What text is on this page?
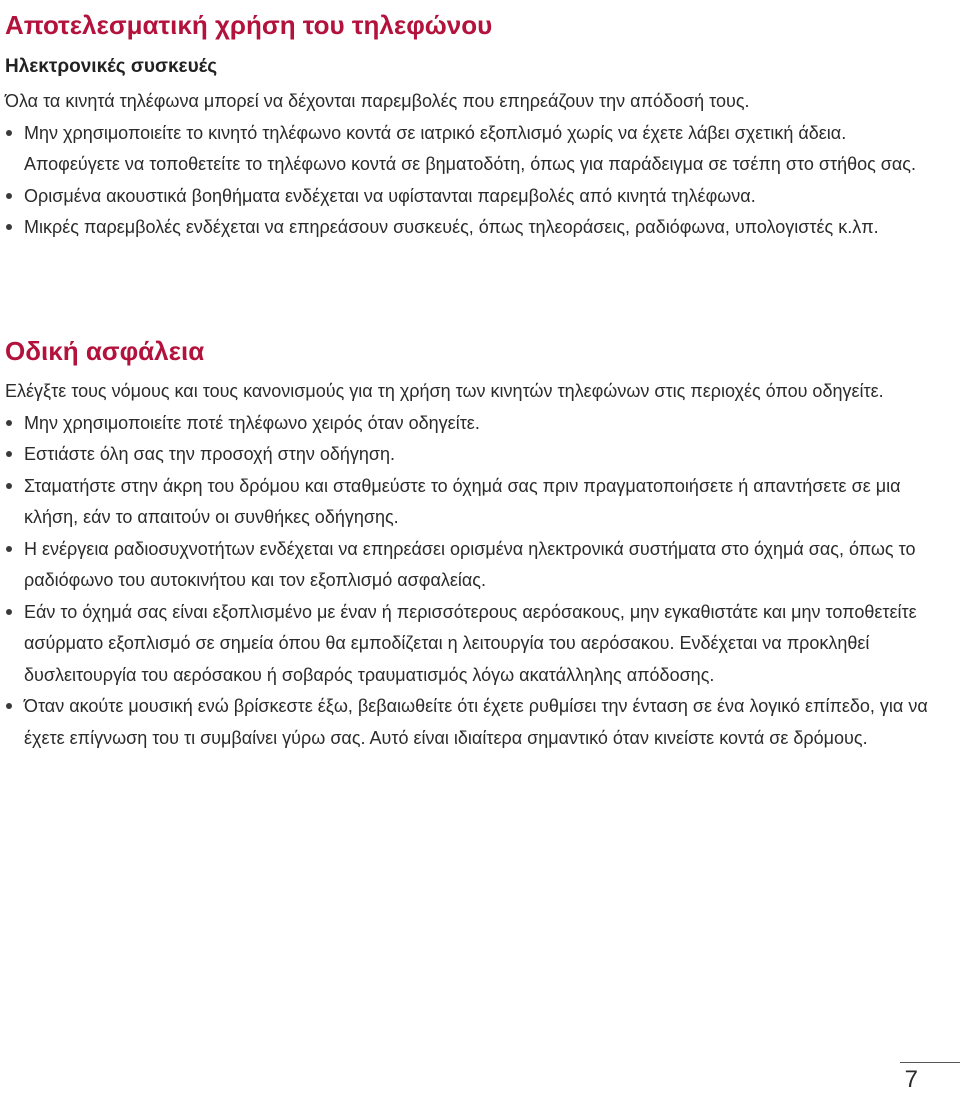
Αποτελεσματική χρήση του τηλεφώνου
Ηλεκτρονικές συσκευές

Όλα τα κινητά τηλέφωνα μπορεί να δέχονται παρεμβολές που επηρεάζουν την απόδοσή τους.

Μην χρησιμοποιείτε το κινητό τηλέφωνο κοντά σε ιατρικό εξοπλισμό χωρίς να έχετε λάβει σχετική άδεια. Αποφεύγετε να τοποθετείτε το τηλέφωνο κοντά σε βηματοδότη, όπως για παράδειγμα σε τσέπη στο στήθος σας.
Ορισμένα ακουστικά βοηθήματα ενδέχεται να υφίστανται παρεμβολές από κινητά τηλέφωνα.
Μικρές παρεμβολές ενδέχεται να επηρεάσουν συσκευές, όπως τηλεοράσεις, ραδιόφωνα, υπολογιστές κ.λπ.
Οδική ασφάλεια

Ελέγξτε τους νόμους και τους κανονισμούς για τη χρήση των κινητών τηλεφώνων στις περιοχές όπου οδηγείτε.

Μην χρησιμοποιείτε ποτέ τηλέφωνο χειρός όταν οδηγείτε.
Εστιάστε όλη σας την προσοχή στην οδήγηση.
Σταματήστε στην άκρη του δρόμου και σταθμεύστε το όχημά σας πριν πραγματοποιήσετε ή απαντήσετε σε μια κλήση, εάν το απαιτούν οι συνθήκες οδήγησης.
Η ενέργεια ραδιοσυχνοτήτων ενδέχεται να επηρεάσει ορισμένα ηλεκτρονικά συστήματα στο όχημά σας, όπως το ραδιόφωνο του αυτοκινήτου και τον εξοπλισμό ασφαλείας.
Εάν το όχημά σας είναι εξοπλισμένο με έναν ή περισσότερους αερόσακους, μην εγκαθιστάτε και μην τοποθετείτε ασύρματο εξοπλισμό σε σημεία όπου θα εμποδίζεται η λειτουργία του αερόσακου. Ενδέχεται να προκληθεί δυσλειτουργία του αερόσακου ή σοβαρός τραυματισμός λόγω ακατάλληλης απόδοσης.
Όταν ακούτε μουσική ενώ βρίσκεστε έξω, βεβαιωθείτε ότι έχετε ρυθμίσει την ένταση σε ένα λογικό επίπεδο, για να έχετε επίγνωση του τι συμβαίνει γύρω σας. Αυτό είναι ιδιαίτερα σημαντικό όταν κινείστε κοντά σε δρόμους.
7
